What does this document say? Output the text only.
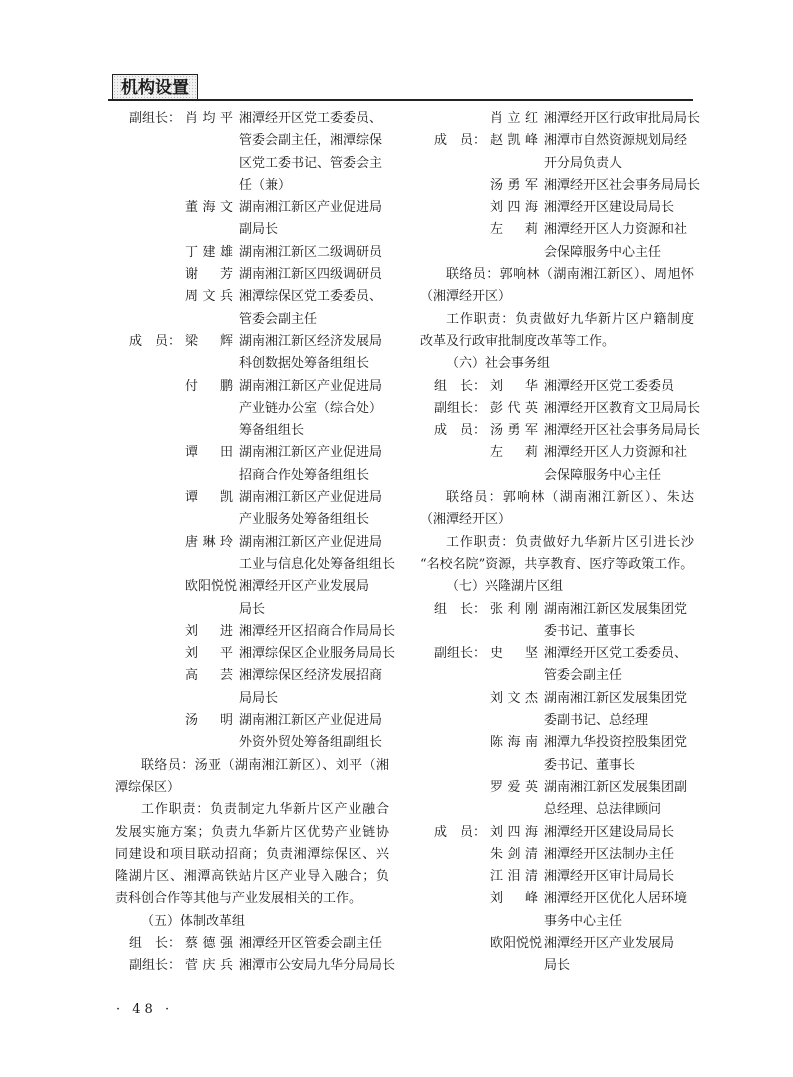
机构设置
副组长： 肖均平 湘潭经开区党工委委员、
管委会副主任，湘潭综保
区党工委书记、管委会主
任（兼）
董海文 湖南湘江新区产业促进局
副局长
丁建雄 湖南湘江新区二级调研员
谢　芳 湖南湘江新区四级调研员
周文兵 湘潭综保区党工委委员、
管委会副主任
成　员： 梁　辉 湖南湘江新区经济发展局
科创数据处筹备组组长
付　鹏 湖南湘江新区产业促进局
产业链办公室（综合处）
筹备组组长
谭　田 湖南湘江新区产业促进局
招商合作处筹备组组长
谭　凯 湖南湘江新区产业促进局
产业服务处筹备组组长
唐琳玲 湖南湘江新区产业促进局
工业与信息化处筹备组组长
欧阳悦悦 湘潭经开区产业发展局
局长
刘　进 湘潭经开区招商合作局局长
刘　平 湘潭综保区企业服务局局长
高　芸 湘潭综保区经济发展招商
局局长
汤　明 湖南湘江新区产业促进局
外资外贸处筹备组副组长
联络员：汤亚（湖南湘江新区）、刘平（湘
潭综保区）
工作职责：负责制定九华新片区产业融合
发展实施方案；负责九华新片区优势产业链协
同建设和项目联动招商；负责湘潭综保区、兴
隆湖片区、湘潭高铁站片区产业导入融合；负
责科创合作等其他与产业发展相关的工作。
（五）体制改革组
组　长： 蔡德强 湘潭经开区管委会副主任
副组长： 菅庆兵 湘潭市公安局九华分局局长
肖立红 湘潭经开区行政审批局局长
成　员： 赵凯峰 湘潭市自然资源规划局经
开分局负责人
汤勇军 湘潭经开区社会事务局局长
刘四海 湘潭经开区建设局局长
左　莉 湘潭经开区人力资源和社
会保障服务中心主任
联络员：郭响林（湖南湘江新区）、周旭怀
（湘潭经开区）
工作职责：负责做好九华新片区户籍制度
改革及行政审批制度改革等工作。
（六）社会事务组
组　长： 刘　华 湘潭经开区党工委委员
副组长： 彭代英 湘潭经开区教育文卫局局长
成　员： 汤勇军 湘潭经开区社会事务局局长
左　莉 湘潭经开区人力资源和社
会保障服务中心主任
联络员：郭响林（湖南湘江新区）、朱达
（湘潭经开区）
工作职责：负责做好九华新片区引进长沙
“名校名院”资源，共享教育、医疗等政策工作。
（七）兴隆湖片区组
组　长： 张利刚 湖南湘江新区发展集团党
委书记、董事长
副组长： 史　坚 湘潭经开区党工委委员、
管委会副主任
刘文杰 湖南湘江新区发展集团党
委副书记、总经理
陈海南 湘潭九华投资控股集团党
委书记、董事长
罗爱英 湖南湘江新区发展集团副
总经理、总法律顾问
成　员： 刘四海 湘潭经开区建设局局长
朱剑清 湘潭经开区法制办主任
江泪清 湘潭经开区审计局局长
刘　峰 湘潭经开区优化人居环境
事务中心主任
欧阳悦悦 湘潭经开区产业发展局
局长
· 48 ·
